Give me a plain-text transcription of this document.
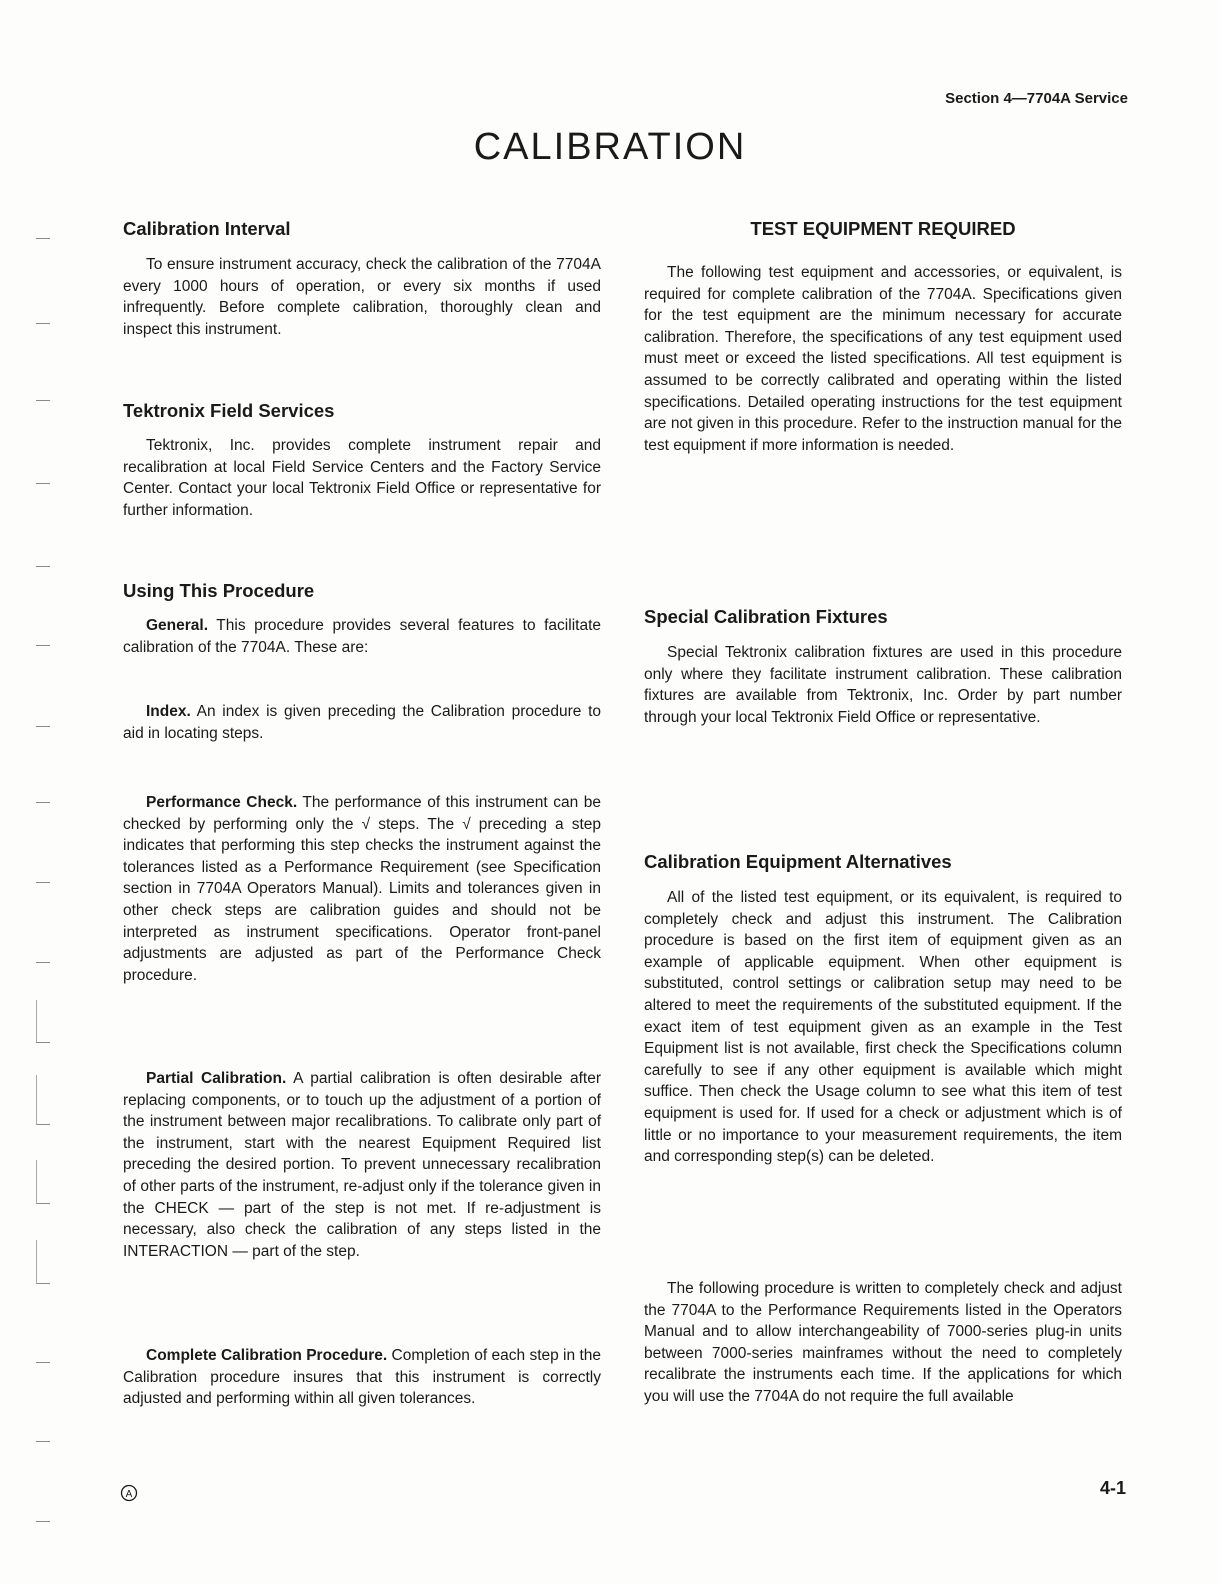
Section 4—7704A Service
CALIBRATION
Calibration Interval

To ensure instrument accuracy, check the calibration of the 7704A every 1000 hours of operation, or every six months if used infrequently. Before complete calibration, thoroughly clean and inspect this instrument.

Tektronix Field Services

Tektronix, Inc. provides complete instrument repair and recalibration at local Field Service Centers and the Factory Service Center. Contact your local Tektronix Field Office or representative for further information.

Using This Procedure

General. This procedure provides several features to facilitate calibration of the 7704A. These are:

Index. An index is given preceding the Calibration procedure to aid in locating steps.

Performance Check. The performance of this instrument can be checked by performing only the √ steps. The √ preceding a step indicates that performing this step checks the instrument against the tolerances listed as a Performance Requirement (see Specification section in 7704A Operators Manual). Limits and tolerances given in other check steps are calibration guides and should not be interpreted as instrument specifications. Operator front-panel adjustments are adjusted as part of the Performance Check procedure.

Partial Calibration. A partial calibration is often desirable after replacing components, or to touch up the adjustment of a portion of the instrument between major recalibrations. To calibrate only part of the instrument, start with the nearest Equipment Required list preceding the desired portion. To prevent unnecessary recalibration of other parts of the instrument, re-adjust only if the tolerance given in the CHECK — part of the step is not met. If re-adjustment is necessary, also check the calibration of any steps listed in the INTERACTION — part of the step.

Complete Calibration Procedure. Completion of each step in the Calibration procedure insures that this instrument is correctly adjusted and performing within all given tolerances.

TEST EQUIPMENT REQUIRED

The following test equipment and accessories, or equivalent, is required for complete calibration of the 7704A. Specifications given for the test equipment are the minimum necessary for accurate calibration. Therefore, the specifications of any test equipment used must meet or exceed the listed specifications. All test equipment is assumed to be correctly calibrated and operating within the listed specifications. Detailed operating instructions for the test equipment are not given in this procedure. Refer to the instruction manual for the test equipment if more information is needed.

Special Calibration Fixtures

Special Tektronix calibration fixtures are used in this procedure only where they facilitate instrument calibration. These calibration fixtures are available from Tektronix, Inc. Order by part number through your local Tektronix Field Office or representative.

Calibration Equipment Alternatives

All of the listed test equipment, or its equivalent, is required to completely check and adjust this instrument. The Calibration procedure is based on the first item of equipment given as an example of applicable equipment. When other equipment is substituted, control settings or calibration setup may need to be altered to meet the requirements of the substituted equipment. If the exact item of test equipment given as an example in the Test Equipment list is not available, first check the Specifications column carefully to see if any other equipment is available which might suffice. Then check the Usage column to see what this item of test equipment is used for. If used for a check or adjustment which is of little or no importance to your measurement requirements, the item and corresponding step(s) can be deleted.

The following procedure is written to completely check and adjust the 7704A to the Performance Requirements listed in the Operators Manual and to allow interchangeability of 7000-series plug-in units between 7000-series mainframes without the need to completely recalibrate the instruments each time. If the applications for which you will use the 7704A do not require the full available

A	4-1
